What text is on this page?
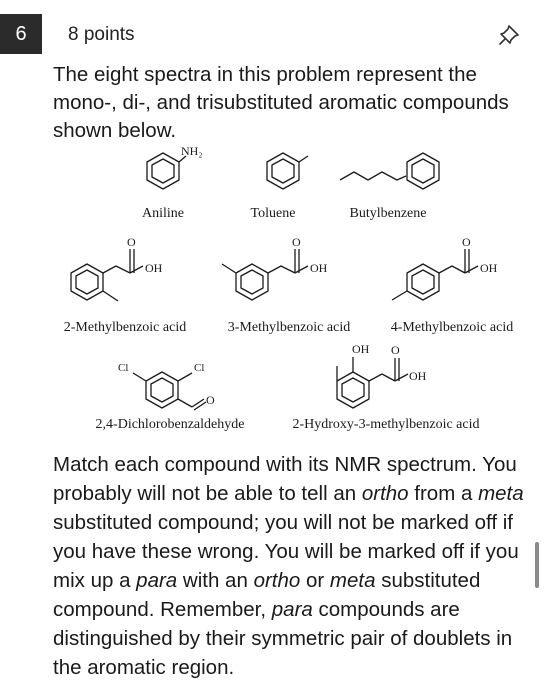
6	8 points
The eight spectra in this problem represent the mono-, di-, and trisubstituted aromatic compounds shown below.
NH₂
O
OH
O
OH
O
OH
Cl	Cl
O
OH O
OH
Aniline	Toluene	Butylbenzene
2-Methylbenzoic acid	3-Methylbenzoic acid	4-Methylbenzoic acid
2,4-Dichlorobenzaldehyde	2-Hydroxy-3-methylbenzoic acid
Match each compound with its NMR spectrum. You probably will not be able to tell an ortho from a meta substituted compound; you will not be marked off if you have these wrong. You will be marked off if you mix up a para with an ortho or meta substituted compound. Remember, para compounds are distinguished by their symmetric pair of doublets in the aromatic region.
